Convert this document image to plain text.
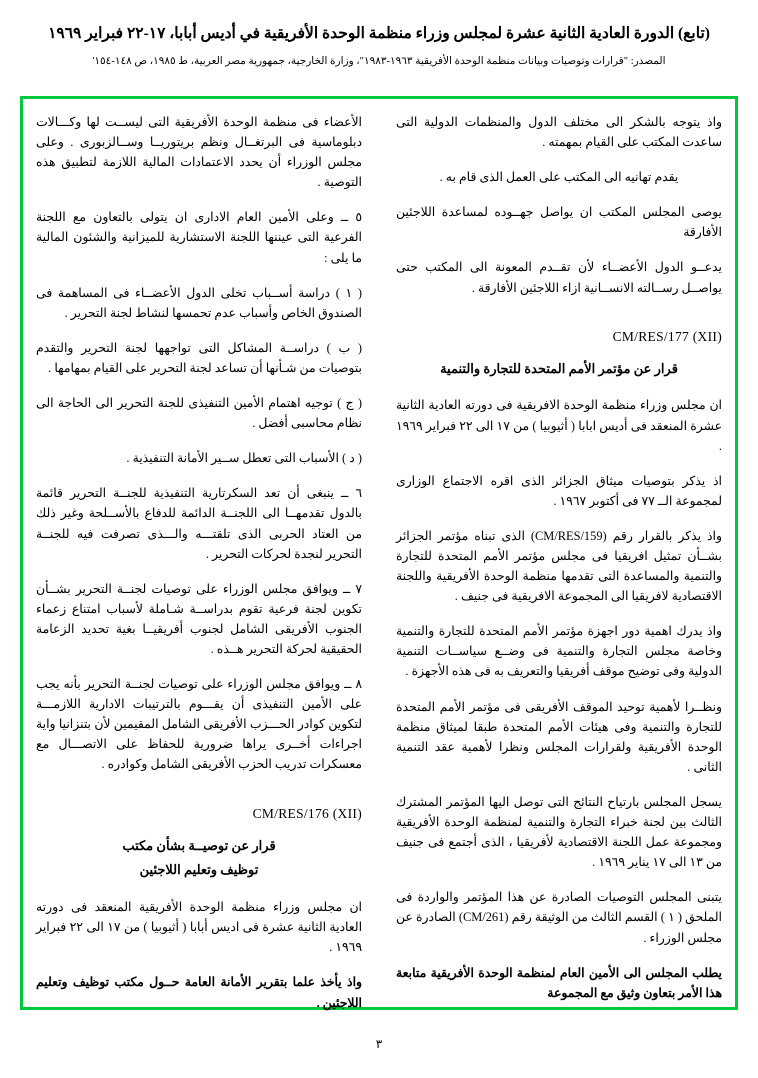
(تابع) الدورة العادية الثانية عشرة لمجلس وزراء منظمة الوحدة الأفريقية في أديس أبابا، ١٧-٢٢ فبراير ١٩٦٩
المصدر: "قرارات وتوصيات وبيانات منظمة الوحدة الأفريقية ١٩٦٣-١٩٨٣"، وزارة الخارجية، جمهورية مصر العربية، ط ١٩٨٥، ص ١٤٨-١٥٤'

واذ يتوجه بالشكر الى مختلف الدول والمنظمات الدولية التى ساعدت المكتب على القيام بمهمته .

يقدم تهانيه الى المكتب على العمل الذى قام به .

يوصى المجلس المكتب ان يواصل جهــوده لمساعدة اللاجئين الأفارقة

يدعــو الدول الأعضــاء لأن تقــدم المعونة الى المكتب حتى يواصــل رســالته الانســانية ازاء اللاجئين الأفارقة .

CM/RES/177 (XII)
قرار عن مؤتمر الأمم المتحدة للتجارة والتنمية

ان مجلس وزراء منظمة الوحدة الافريقية فى دورته العادية الثانية عشرة المنعقد فى أديس ابابا ( أثيوبيا ) من ١٧ الى ٢٢ فبراير ١٩٦٩ .

اذ يذكر بتوصيات ميثاق الجزائر الذى اقره الاجتماع الوزارى لمجموعة الــ ٧٧ فى أكتوبر ١٩٦٧ .

واذ يذكر بالقرار رقم (CM/RES/159) الذى تبناه مؤتمر الجزائر بشــأن تمثيل افريقيا فى مجلس مؤتمر الأمم المتحدة للتجارة والتنمية والمساعدة التى تقدمها منظمة الوحدة الأفريقية واللجنة الاقتصادية لافريقيا الى المجموعة الافريقية فى جنيف .

واذ يدرك اهمية دور اجهزة مؤتمر الأمم المتحدة للتجارة والتنمية وخاصة مجلس التجارة والتنمية فى وضــع سياســات التنمية الدولية وفى توضيح موقف أفريقيا والتعريف به فى هذه الأجهزة .

ونظــرا لأهمية توحيد الموقف الأفريقى فى مؤتمر الأمم المتحدة للتجارة والتنمية وفى هيئات الأمم المتحدة طبقا لميثاق منظمة الوحدة الأفريقية ولقرارات المجلس ونظرا لأهمية عقد التنمية الثانى .

يسجل المجلس بارتياح النتائج التى توصل اليها المؤتمر المشترك الثالث بين لجنة خبراء التجارة والتنمية لمنظمة الوحدة الأفريقية ومجموعة عمل اللجنة الاقتصادية لأفريقيا ، الذى أجتمع فى جنيف من ١٣ الى ١٧ يناير ١٩٦٩ .

يتبنى المجلس التوصيات الصادرة عن هذا المؤتمر والواردة فى الملحق ( ١ ) القسم الثالث من الوثيقة رقم (CM/261) الصادرة عن مجلس الوزراء .

يطلب المجلس الى الأمين العام لمنظمة الوحدة الأفريقية متابعة هذا الأمر بتعاون وثيق مع المجموعة

الأعضاء فى منظمة الوحدة الأفريقية التى ليســت لها وكـــالات دبلوماسية فى البرتغــال ونظم بريتوريــا وســالزبورى . وعلى مجلس الوزراء أن يحدد الاعتمادات المالية اللازمة لتطبيق هذه التوصية .

٥ ــ وعلى الأمين العام الادارى ان يتولى بالتعاون مع اللجنة الفرعية التى عيننها اللجنة الاستشارية للميزانية والشئون المالية ما يلى :

( ١ ) دراسة أســباب تخلى الدول الأعضــاء فى المساهمة فى الصندوق الخاص وأسباب عدم تحمسها لنشاط لجنة التحرير .

( ب ) دراســة المشاكل التى تواجهها لجنة التحرير والتقدم بتوصيات من شـأنها أن تساعد لجنة التحرير على القيام بمهامها .

( ج ) توجيه اهتمام الأمين التنفيذى للجنة التحرير الى الحاجة الى نظام محاسبى أفضل .

( د ) الأسباب التى تعطل ســير الأمانة التنفيذية .

٦ ــ ينبغى أن تعد السكرتارية التنفيذية للجنــة التحرير قائمة بالدول تقدمهــا الى اللجنــة الدائمة للدفاع بالأســلحة وغير ذلك من العتاد الحربى الذى تلقتـــه والـــذى تصرفت فيه للجنــة التحرير لنجدة لحركات التحرير .

٧ ــ ويوافق مجلس الوزراء على توصيات لجنــة التحرير بشــأن تكوين لجنة فرعية تقوم بدراســة شـاملة لأسباب امتناع زعماء الجنوب الأفريقى الشامل لجنوب أفريقيــا بغية تحديد الزعامة الحقيقية لحركة التحرير هــذه .

٨ ــ ويوافق مجلس الوزراء على توصيات لجنــة التحرير بأنه يجب على الأمين التنفيذى أن يقـــوم بالترتيبات الادارية اللازمـــة لتكوين كوادر الحـــزب الأفريقى الشامل المقيمين لأن بتنزانيا واية اجراءات أخــرى يراها ضرورية للحفاظ على الاتصـــال مع معسكرات تدريب الحزب الأفريقى الشامل وكوادره .

CM/RES/176 (XII)
قرار عن توصيــة بشأن مكتب
توظيف وتعليم اللاجئين

ان مجلس وزراء منظمة الوحدة الأفريقية المنعقد فى دورته العادية الثانية عشرة فى اديس أبابا ( أثيوبيا ) من ١٧ الى ٢٢ فبراير ١٩٦٩ .

واذ يأخذ علما بتقرير الأمانة العامة حــول مكتب توظيف وتعليم اللاجئين .

٣
